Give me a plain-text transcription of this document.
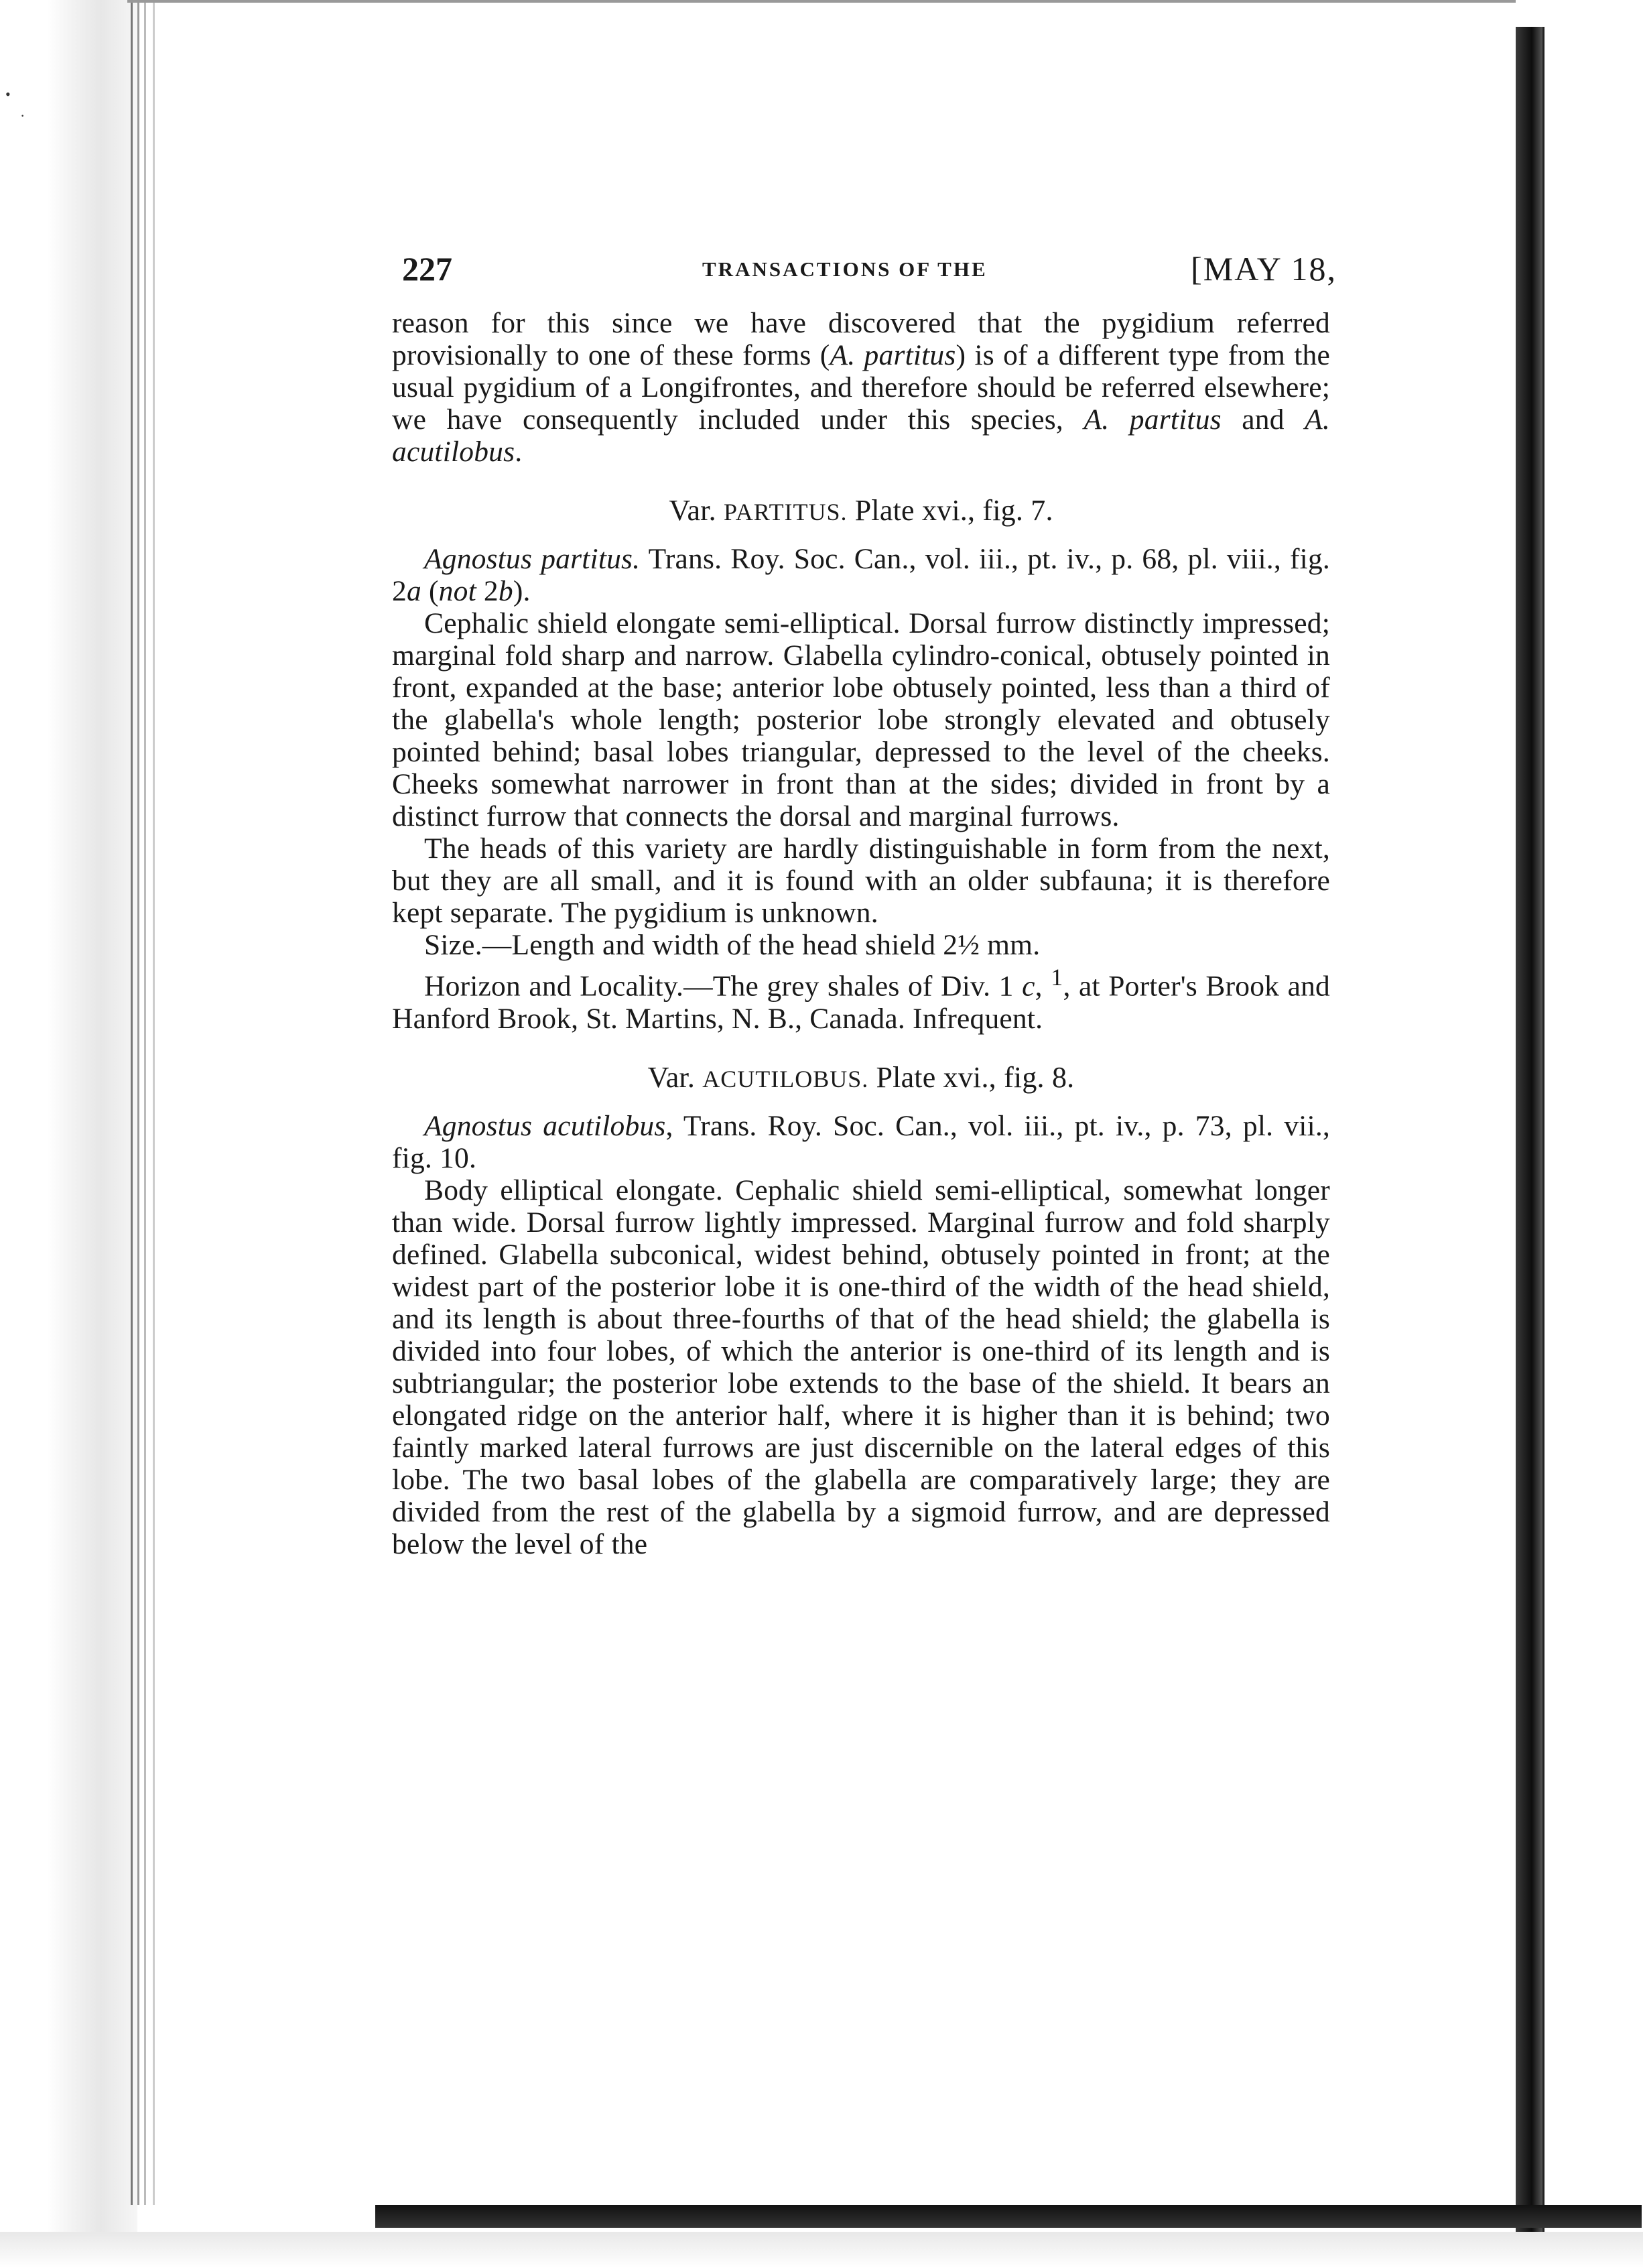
•
·
227	TRANSACTIONS OF THE	[MAY 18,

reason for this since we have discovered that the pygidium referred provisionally to one of these forms (A. partitus) is of a different type from the usual pygidium of a Longifrontes, and therefore should be referred elsewhere; we have consequently included under this species, A. partitus and A. acutilobus.

Var. PARTITUS. Plate xvi., fig. 7.

Agnostus partitus. Trans. Roy. Soc. Can., vol. iii., pt. iv., p. 68, pl. viii., fig. 2a (not 2b).

Cephalic shield elongate semi-elliptical. Dorsal furrow distinctly impressed; marginal fold sharp and narrow. Glabella cylindro-conical, obtusely pointed in front, expanded at the base; anterior lobe obtusely pointed, less than a third of the glabella's whole length; posterior lobe strongly elevated and obtusely pointed behind; basal lobes triangular, depressed to the level of the cheeks. Cheeks somewhat narrower in front than at the sides; divided in front by a distinct furrow that connects the dorsal and marginal furrows.

The heads of this variety are hardly distinguishable in form from the next, but they are all small, and it is found with an older subfauna; it is therefore kept separate. The pygidium is unknown.

Size.—Length and width of the head shield 2½ mm.

Horizon and Locality.—The grey shales of Div. 1 c, $^1$, at Porter's Brook and Hanford Brook, St. Martins, N. B., Canada. Infrequent.

Var. ACUTILOBUS. Plate xvi., fig. 8.

Agnostus acutilobus, Trans. Roy. Soc. Can., vol. iii., pt. iv., p. 73, pl. vii., fig. 10.

Body elliptical elongate. Cephalic shield semi-elliptical, somewhat longer than wide. Dorsal furrow lightly impressed. Marginal furrow and fold sharply defined. Glabella subconical, widest behind, obtusely pointed in front; at the widest part of the posterior lobe it is one-third of the width of the head shield, and its length is about three-fourths of that of the head shield; the glabella is divided into four lobes, of which the anterior is one-third of its length and is subtriangular; the posterior lobe extends to the base of the shield. It bears an elongated ridge on the anterior half, where it is higher than it is behind; two faintly marked lateral furrows are just discernible on the lateral edges of this lobe. The two basal lobes of the glabella are comparatively large; they are divided from the rest of the glabella by a sigmoid furrow, and are depressed below the level of the
